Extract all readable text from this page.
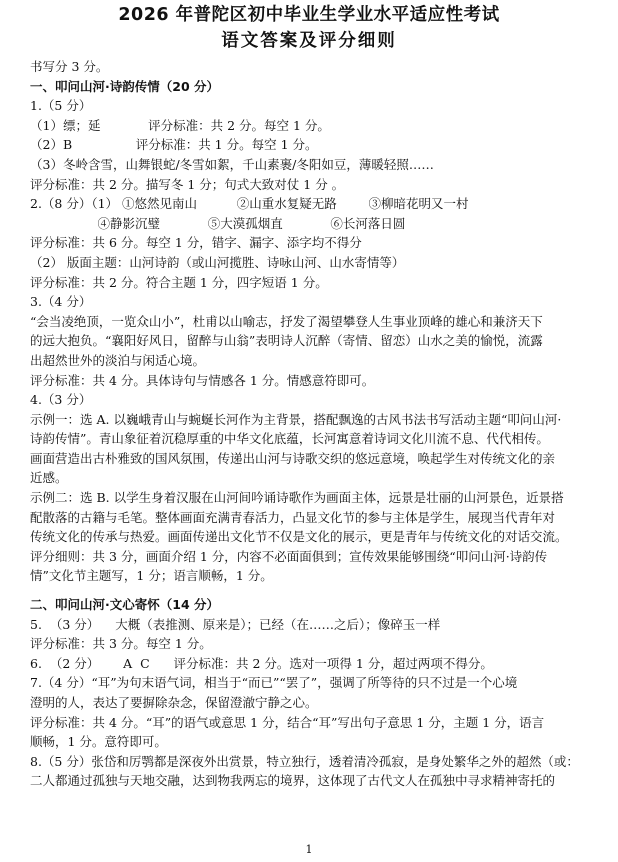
2026 年普陀区初中毕业生学业水平适应性考试
语文答案及评分细则
书写分 3 分。
一、叩问山河·诗韵传情（20 分）
1.（5 分）
（1）缥；延            评分标准：共 2 分。每空 1 分。
（2）B                评分标准：共 1 分。每空 1 分。
（3）冬岭含雪，山舞银蛇/冬雪如絮，千山素裹/冬阳如豆，薄暖轻照……
评分标准：共 2 分。描写冬 1 分；句式大致对仗 1 分 。
2.（8 分）（1） ①悠然见南山          ②山重水复疑无路        ③柳暗花明又一村
④静影沉璧            ⑤大漠孤烟直            ⑥长河落日圆
评分标准：共 6 分。每空 1 分，错字、漏字、添字均不得分
（2） 版面主题：山河诗韵（或山河揽胜、诗咏山河、山水寄情等）
评分标准：共 2 分。符合主题 1 分，四字短语 1 分。
3.（4 分）
“会当凌绝顶，一览众山小”，杜甫以山喻志，抒发了渴望攀登人生事业顶峰的雄心和兼济天下
的远大抱负。“襄阳好风日，留醉与山翁”表明诗人沉醉（寄情、留恋）山水之美的愉悦，流露
出超然世外的淡泊与闲适心境。
评分标准：共 4 分。具体诗句与情感各 1 分。情感意符即可。
4.（3 分）
示例一：选 A. 以巍峨青山与蜿蜒长河作为主背景，搭配飘逸的古风书法书写活动主题“叩问山河·
诗韵传情”。青山象征着沉稳厚重的中华文化底蕴，长河寓意着诗词文化川流不息、代代相传。
画面营造出古朴雅致的国风氛围，传递出山河与诗歌交织的悠远意境，唤起学生对传统文化的亲
近感。
示例二：选 B. 以学生身着汉服在山河间吟诵诗歌作为画面主体，远景是壮丽的山河景色，近景搭
配散落的古籍与毛笔。整体画面充满青春活力，凸显文化节的参与主体是学生，展现当代青年对
传统文化的传承与热爱。画面传递出文化节不仅是文化的展示，更是青年与传统文化的对话交流。
评分细则：共 3 分，画面介绍 1 分，内容不必面面俱到；宣传效果能够围绕“叩问山河·诗韵传
情”文化节主题写，1 分；语言顺畅，1 分。
二、叩问山河·文心寄怀（14 分）
5.  （3 分）    大概（表推测、原来是）；已经（在……之后）；像碎玉一样
评分标准：共 3 分。每空 1 分。
6.  （2 分）      A  C      评分标准：共 2 分。选对一项得 1 分，超过两项不得分。
7.（4 分）“耳”为句末语气词，相当于“而已”“罢了”，强调了所等待的只不过是一个心境
澄明的人，表达了要摒除杂念，保留澄澈宁静之心。
评分标准：共 4 分。“耳”的语气或意思 1 分，结合“耳”写出句子意思 1 分，主题 1 分，语言
顺畅，1 分。意符即可。
8.（5 分）张岱和厉鹗都是深夜外出赏景，特立独行，透着清冷孤寂，是身处繁华之外的超然（或：
二人都通过孤独与天地交融，达到物我两忘的境界，这体现了古代文人在孤独中寻求精神寄托的
1
